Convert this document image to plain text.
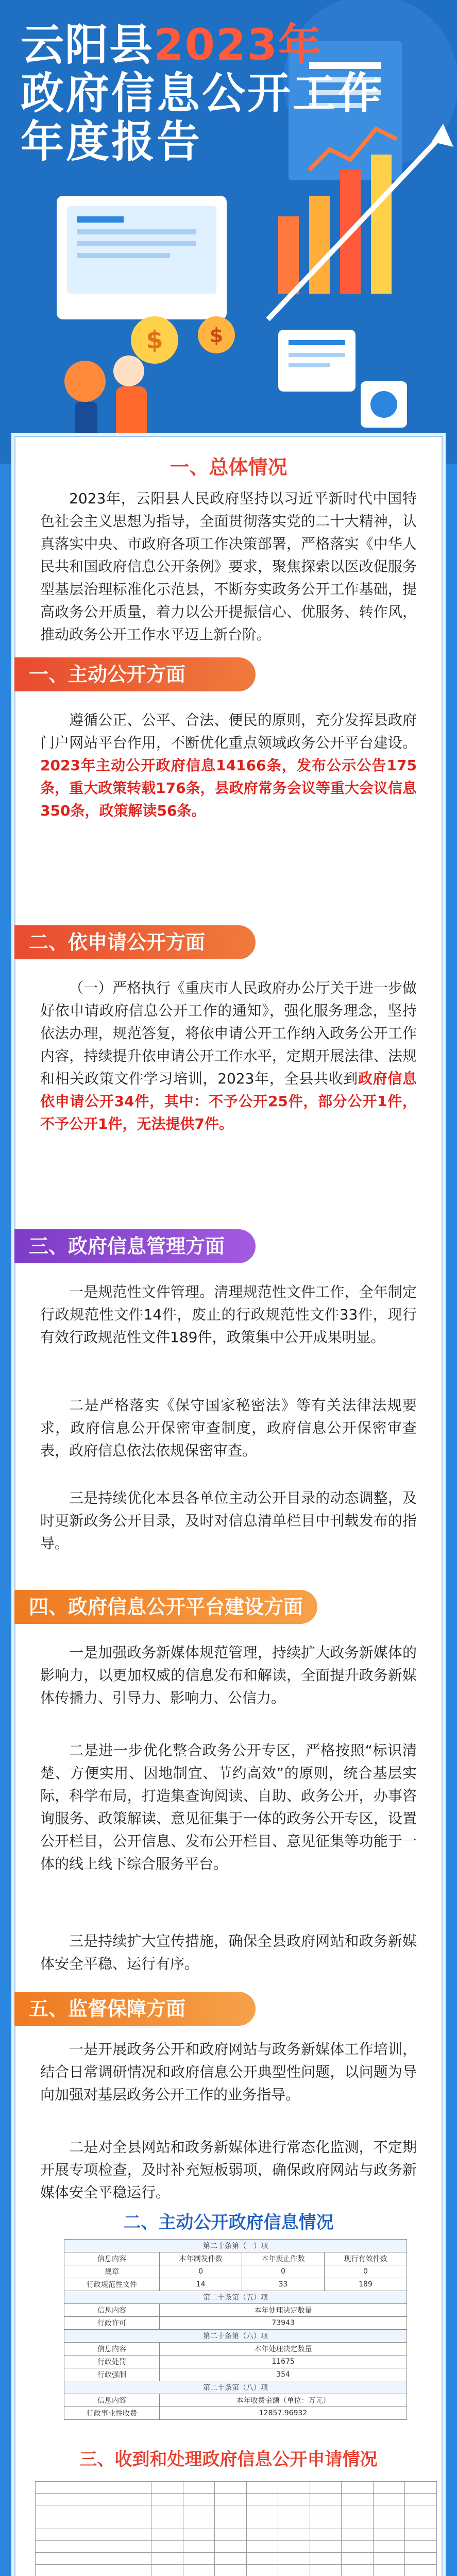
$ $
云阳县2023年
政府信息公开工作
年度报告
一、总体情况
2023年，云阳县人民政府坚持以习近平新时代中国特色社会主义思想为指导，全面贯彻落实党的二十大精神，认真落实中央、市政府各项工作决策部署，严格落实《中华人民共和国政府信息公开条例》要求，聚焦探索以医改促服务型基层治理标准化示范县，不断夯实政务公开工作基础，提高政务公开质量，着力以公开提振信心、优服务、转作风，推动政务公开工作水平迈上新台阶。
一、主动公开方面
遵循公正、公平、合法、便民的原则，充分发挥县政府门户网站平台作用，不断优化重点领域政务公开平台建设。2023年主动公开政府信息14166条，发布公示公告175条，重大政策转载176条，县政府常务会议等重大会议信息350条，政策解读56条。
二、依申请公开方面
（一）严格执行《重庆市人民政府办公厅关于进一步做好依申请政府信息公开工作的通知》，强化服务理念，坚持依法办理，规范答复，将依申请公开工作纳入政务公开工作内容，持续提升依申请公开工作水平，定期开展法律、法规和相关政策文件学习培训，2023年，全县共收到政府信息依申请公开34件，其中：不予公开25件，部分公开1件，不予公开1件，无法提供7件。
三、政府信息管理方面
一是规范性文件管理。清理规范性文件工作，全年制定行政规范性文件14件，废止的行政规范性文件33件，现行有效行政规范性文件189件，政策集中公开成果明显。
二是严格落实《保守国家秘密法》等有关法律法规要求，政府信息公开保密审查制度，政府信息公开保密审查表，政府信息依法依规保密审查。
三是持续优化本县各单位主动公开目录的动态调整，及时更新政务公开目录，及时对信息清单栏目中刊载发布的指导。
四、政府信息公开平台建设方面
一是加强政务新媒体规范管理，持续扩大政务新媒体的影响力，以更加权威的信息发布和解读，全面提升政务新媒体传播力、引导力、影响力、公信力。
二是进一步优化整合政务公开专区，严格按照“标识清楚、方便实用、因地制宜、节约高效”的原则，统合基层实际，科学布局，打造集查询阅读、自助、政务公开，办事咨询服务、政策解读、意见征集于一体的政务公开专区，设置公开栏目，公开信息、发布公开栏目、意见征集等功能于一体的线上线下综合服务平台。
三是持续扩大宣传措施，确保全县政府网站和政务新媒体安全平稳、运行有序。
五、监督保障方面
一是开展政务公开和政府网站与政务新媒体工作培训，结合日常调研情况和政府信息公开典型性问题，以问题为导向加强对基层政务公开工作的业务指导。
二是对全县网站和政务新媒体进行常态化监测，不定期开展专项检查，及时补充短板弱项，确保政府网站与政务新媒体安全平稳运行。
二、主动公开政府信息情况
第二十条第（一）项			
信息内容	本年制发件数	本年废止件数	现行有效件数
规章	0	0	0
行政规范性文件	14	33	189
第二十条第（五）项			
信息内容	本年处理决定数量		
行政许可	73943		
第二十条第（六）项			
信息内容	本年处理决定数量		
行政处罚	11675		
行政强制	354		
第二十条第（八）项			
信息内容	本年收费金额（单位：万元）		
行政事业性收费	12857.96932		
三、收到和处理政府信息公开申请情况
